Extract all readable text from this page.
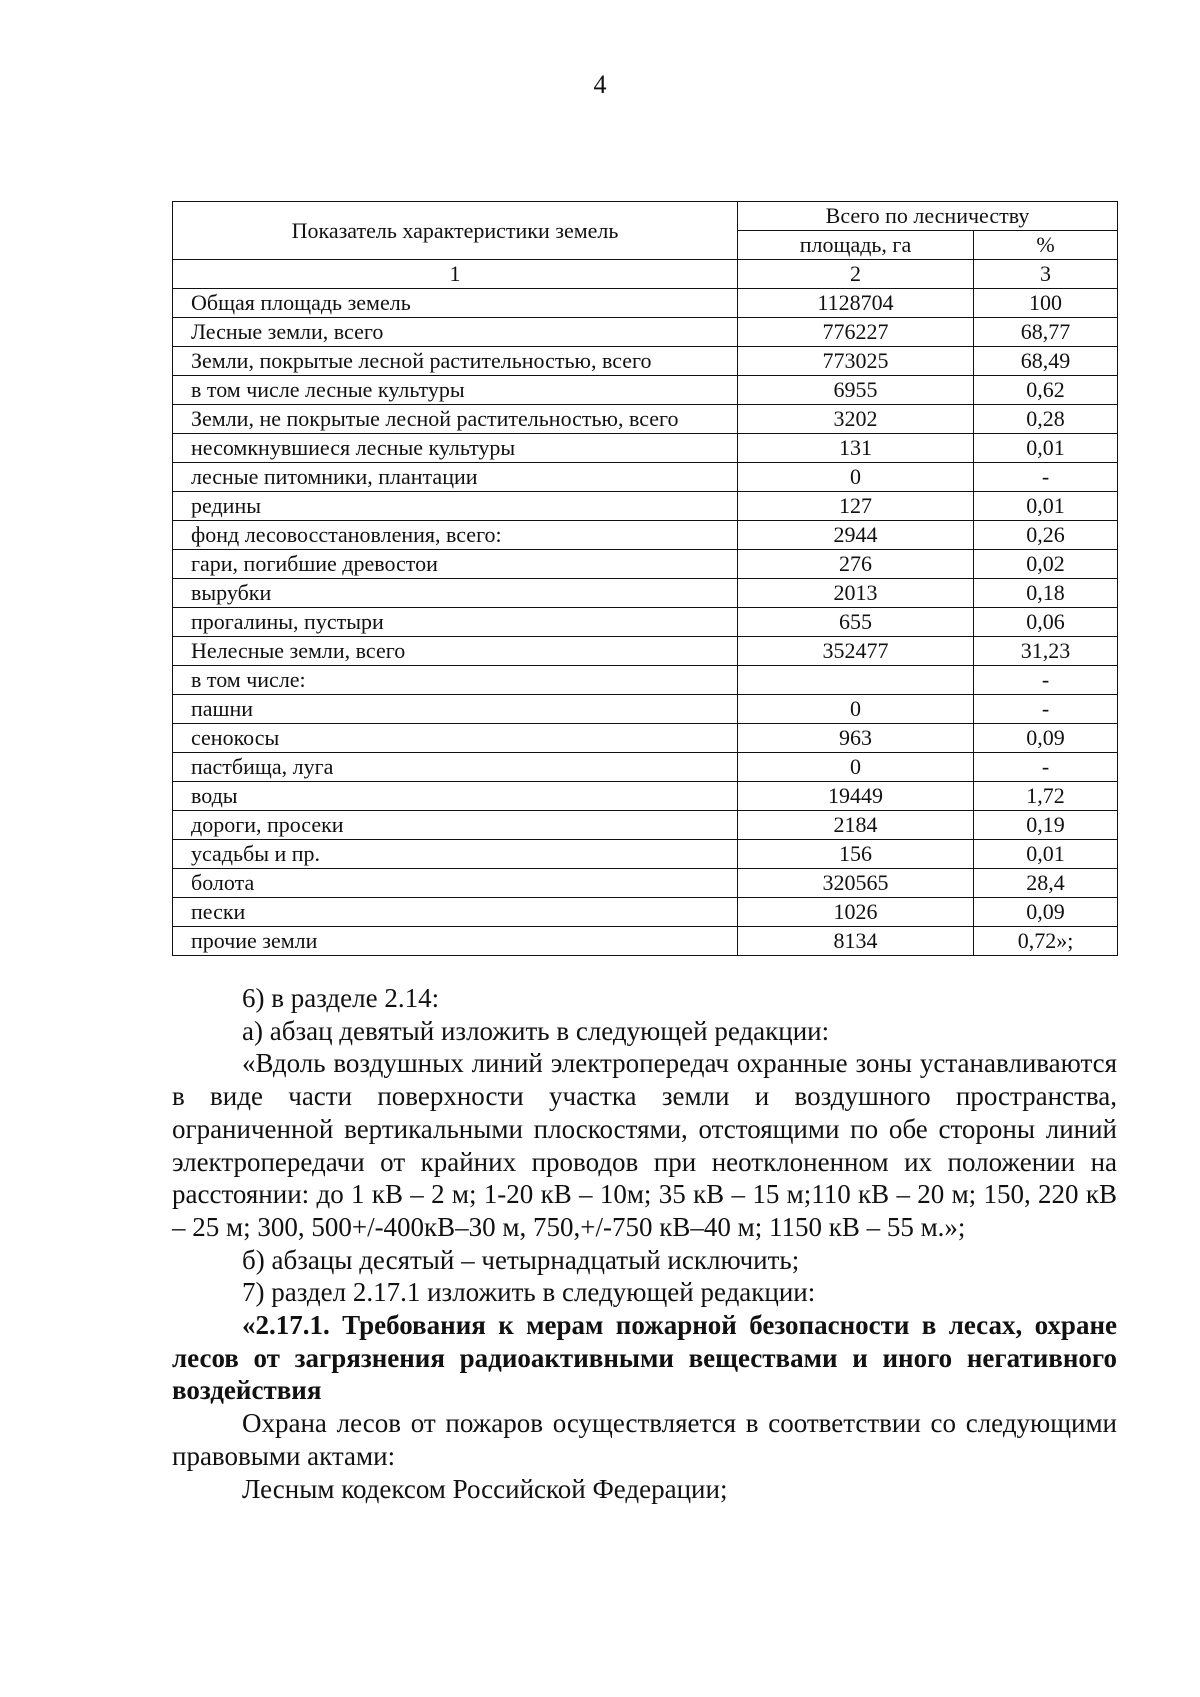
4
Показатель характеристики земель	Всего по лесничеству	
	площадь, га	%
1	2	3
Общая площадь земель	1128704	100
Лесные земли, всего	776227	68,77
Земли, покрытые лесной растительностью, всего	773025	68,49
в том числе лесные культуры	6955	0,62
Земли, не покрытые лесной растительностью, всего	3202	0,28
несомкнувшиеся лесные культуры	131	0,01
лесные питомники, плантации	0	-
редины	127	0,01
фонд лесовосстановления, всего:	2944	0,26
гари, погибшие древостои	276	0,02
вырубки	2013	0,18
прогалины, пустыри	655	0,06
Нелесные земли, всего	352477	31,23
в том числе:		-
пашни	0	-
сенокосы	963	0,09
пастбища, луга	0	-
воды	19449	1,72
дороги, просеки	2184	0,19
усадьбы и пр.	156	0,01
болота	320565	28,4
пески	1026	0,09
прочие земли	8134	0,72»;

6) в разделе 2.14:

а) абзац девятый изложить в следующей редакции:

«Вдоль воздушных линий электропередач охранные зоны устанавливаются в виде части поверхности участка земли и воздушного пространства, ограниченной вертикальными плоскостями, отстоящими по обе стороны линий электропередачи от крайних проводов при неотклоненном их положении на расстоянии: до 1 кВ – 2 м; 1-20 кВ – 10м; 35 кВ – 15 м;110 кВ – 20 м; 150, 220 кВ – 25 м; 300, 500+/-400кВ–30 м, 750,+/-750 кВ–40 м; 1150 кВ – 55 м.»;

б) абзацы десятый – четырнадцатый исключить;

7) раздел 2.17.1 изложить в следующей редакции:

«2.17.1. Требования к мерам пожарной безопасности в лесах, охране лесов от загрязнения радиоактивными веществами и иного негативного воздействия

Охрана лесов от пожаров осуществляется в соответствии со следующими правовыми актами:

Лесным кодексом Российской Федерации;
